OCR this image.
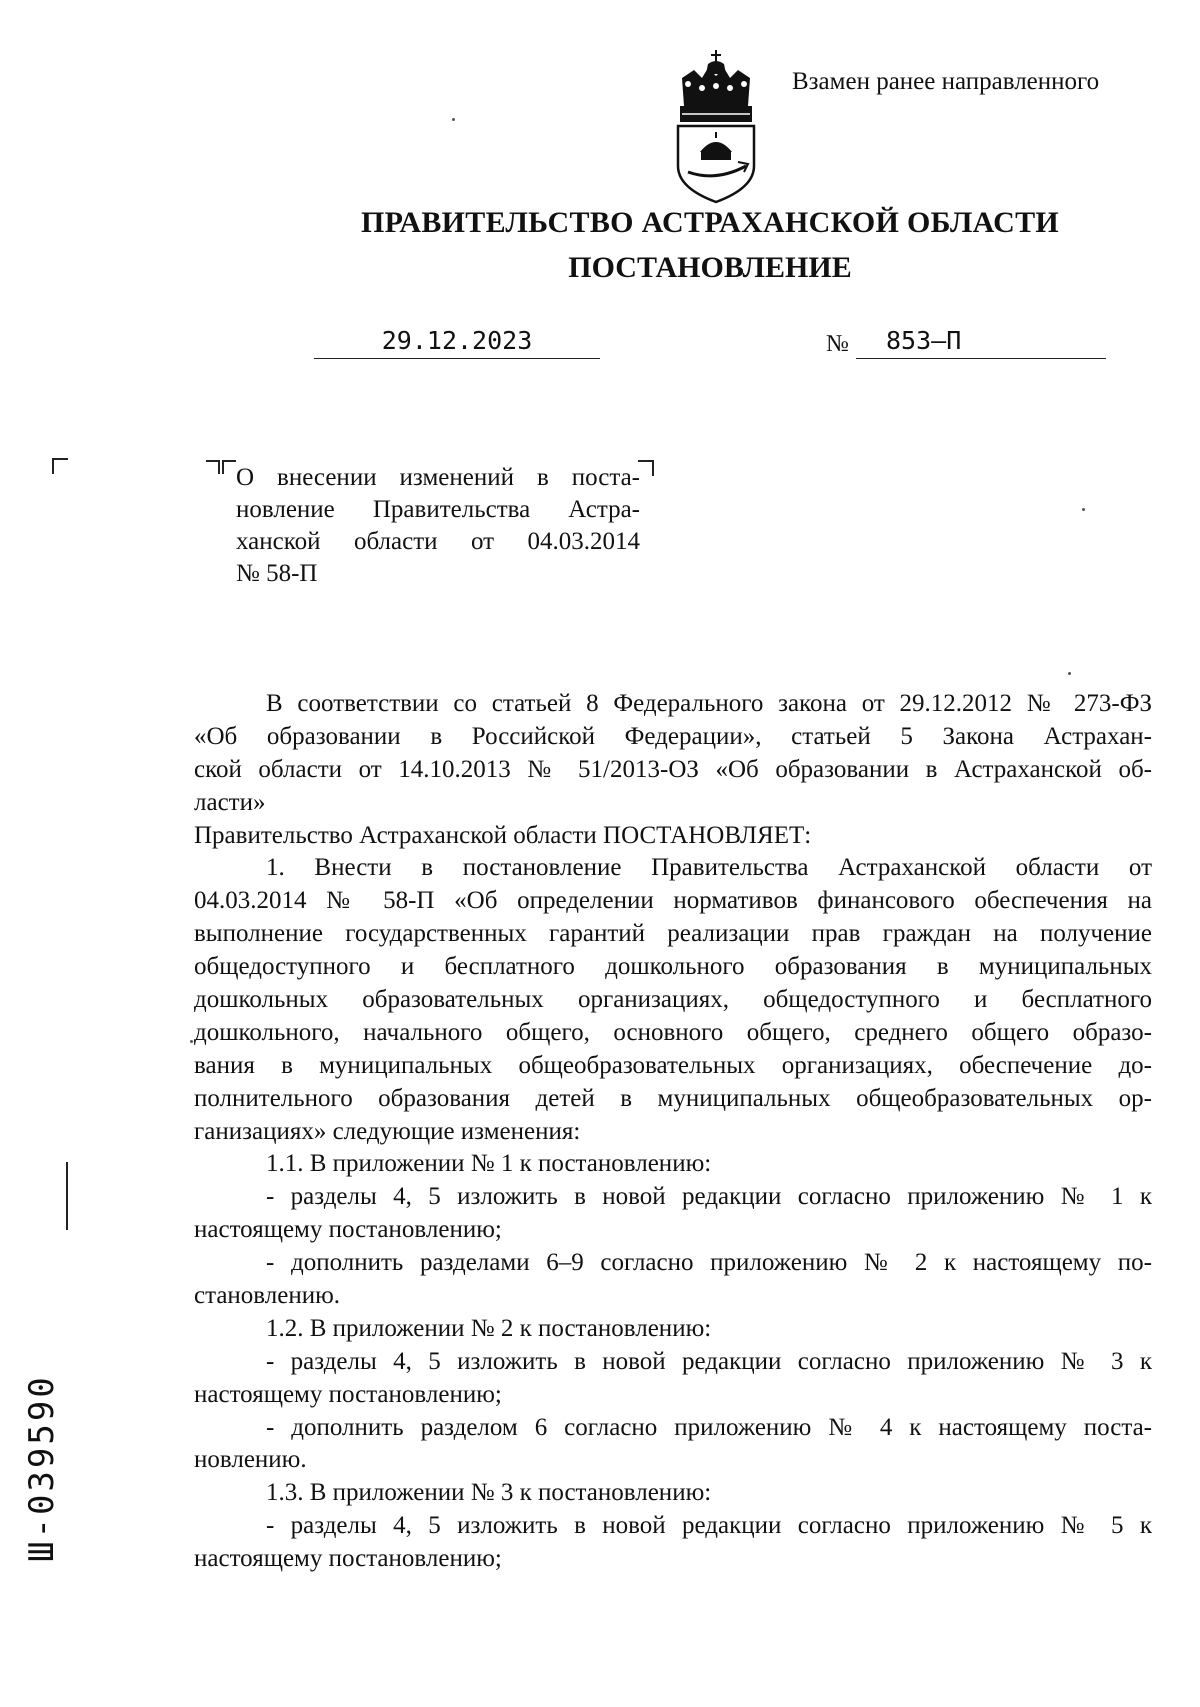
Взамен ранее направленного
ПРАВИТЕЛЬСТВО АСТРАХАНСКОЙ ОБЛАСТИ
ПОСТАНОВЛЕНИЕ
29.12.2023	№	853–П
О внесении изменений в поста-
новление Правительства Астра-
ханской области от 04.03.2014
№ 58-П
В соответствии со статьей 8 Федерального закона от 29.12.2012 № 273-ФЗ
«Об образовании в Российской Федерации», статьей 5 Закона Астрахан-
ской области от 14.10.2013 № 51/2013-ОЗ «Об образовании в Астраханской об-
ласти»
Правительство Астраханской области ПОСТАНОВЛЯЕТ:
1. Внести в постановление Правительства Астраханской области от
04.03.2014 № 58-П «Об определении нормативов финансового обеспечения на
выполнение государственных гарантий реализации прав граждан на получение
общедоступного и бесплатного дошкольного образования в муниципальных
дошкольных образовательных организациях, общедоступного и бесплатного
дошкольного, начального общего, основного общего, среднего общего образо-
вания в муниципальных общеобразовательных организациях, обеспечение до-
полнительного образования детей в муниципальных общеобразовательных ор-
ганизациях» следующие изменения:
1.1. В приложении № 1 к постановлению:
- разделы 4, 5 изложить в новой редакции согласно приложению № 1 к
настоящему постановлению;
- дополнить разделами 6–9 согласно приложению № 2 к настоящему по-
становлению.
1.2. В приложении № 2 к постановлению:
- разделы 4, 5 изложить в новой редакции согласно приложению № 3 к
настоящему постановлению;
- дополнить разделом 6 согласно приложению № 4 к настоящему поста-
новлению.
1.3. В приложении № 3 к постановлению:
- разделы 4, 5 изложить в новой редакции согласно приложению № 5 к
настоящему постановлению;
Ш-039590
